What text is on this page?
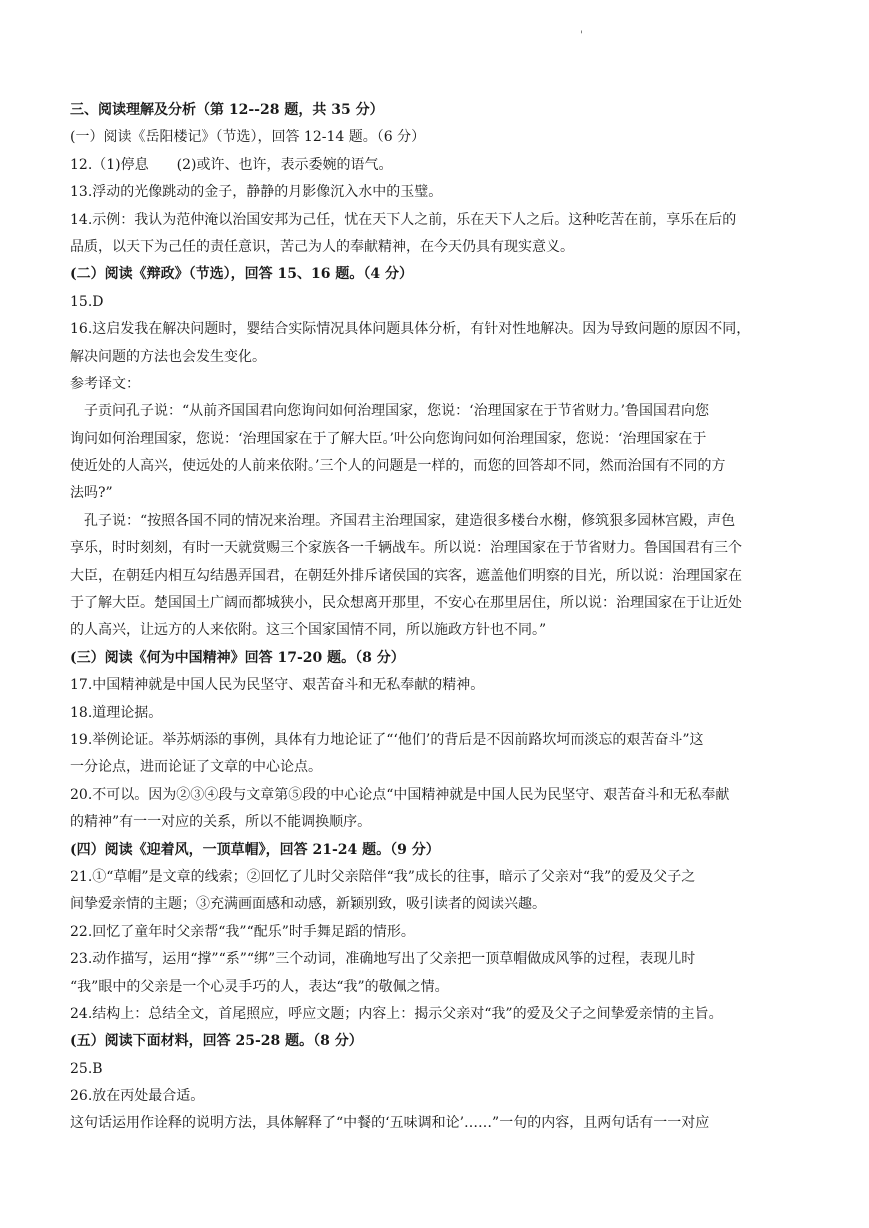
'
三、阅读理解及分析（第 12--28 题，共 35 分）
(一）阅读《岳阳楼记》（节选），回答 12-14 题。（6 分）
12.（1)停息　　(2)或许、也许，表示委婉的语气。
13.浮动的光像跳动的金子，静静的月影像沉入水中的玉璧。
14.示例：我认为范仲淹以治国安邦为己任，忧在天下人之前，乐在天下人之后。这种吃苦在前，享乐在后的
品质，以天下为己任的责任意识，苦己为人的奉献精神，在今天仍具有现实意义。
(二）阅读《辩政》（节选），回答 15、16 题。（4 分）
15.D
16.这启发我在解决问题时，婴结合实际情况具体问题具体分析，有针对性地解决。因为导致问题的原因不同，
解决问题的方法也会发生变化。
参考译文：
子贡问孔子说：“从前齐国国君向您询问如何治理国家，您说：‘治理国家在于节省财力。’鲁国国君向您
询问如何治理国家，您说：‘治理国家在于了解大臣。’叶公向您询问如何治理国家，您说：‘治理国家在于
使近处的人高兴，使远处的人前来依附。’三个人的问题是一样的，而您的回答却不同，然而治国有不同的方
法吗?”
孔子说：“按照各国不同的情况来治理。齐国君主治理国家，建造很多楼台水榭，修筑狠多园林宫殿，声色
享乐，时时刻刻，有时一天就赏赐三个家族各一千辆战车。所以说：治理国家在于节省财力。鲁国国君有三个
大臣，在朝廷内相互勾结愚弄国君，在朝廷外排斥诸侯国的宾客，遮盖他们明察的目光，所以说：治理国家在
于了解大臣。楚国国土广阔而都城狭小，民众想离开那里，不安心在那里居住，所以说：治理国家在于让近处
的人高兴，让远方的人来依附。这三个国家国情不同，所以施政方针也不同。”
(三）阅读《何为中国精神》回答 17-20 题。（8 分）
17.中国精神就是中国人民为民坚守、艰苦奋斗和无私奉献的精神。
18.道理论据。
19.举例论证。举苏炳添的事例，具体有力地论证了“‘他们’的背后是不因前路坎坷而淡忘的艰苦奋斗”这
一分论点，进而论证了文章的中心论点。
20.不可以。因为②③④段与文章第⑤段的中心论点“中国精神就是中国人民为民坚守、艰苦奋斗和无私奉献
的精神”有一一对应的关系，所以不能调换顺序。
(四）阅读《迎着风，一顶草帽》，回答 21-24 题。（9 分）
21.①“草帽”是文章的线索；②回忆了儿时父亲陪伴“我”成长的往事，暗示了父亲对“我”的爱及父子之
间挚爱亲情的主题；③充满画面感和动感，新颖别致，吸引读者的阅读兴趣。
22.回忆了童年时父亲帮“我”“配乐”时手舞足蹈的情形。
23.动作描写，运用“撑”“系”“绑”三个动词，准确地写出了父亲把一顶草帽做成风筝的过程，表现儿时
“我”眼中的父亲是一个心灵手巧的人，表达“我”的敬佩之情。
24.结构上：总结全文，首尾照应，呼应文题；内容上：揭示父亲对“我”的爱及父子之间挚爱亲情的主旨。
(五）阅读下面材料，回答 25-28 题。（8 分）
25.B
26.放在丙处最合适。
这句话运用作诠释的说明方法，具体解释了“中餐的‘五味调和论’……”一句的内容，且两句话有一一对应
